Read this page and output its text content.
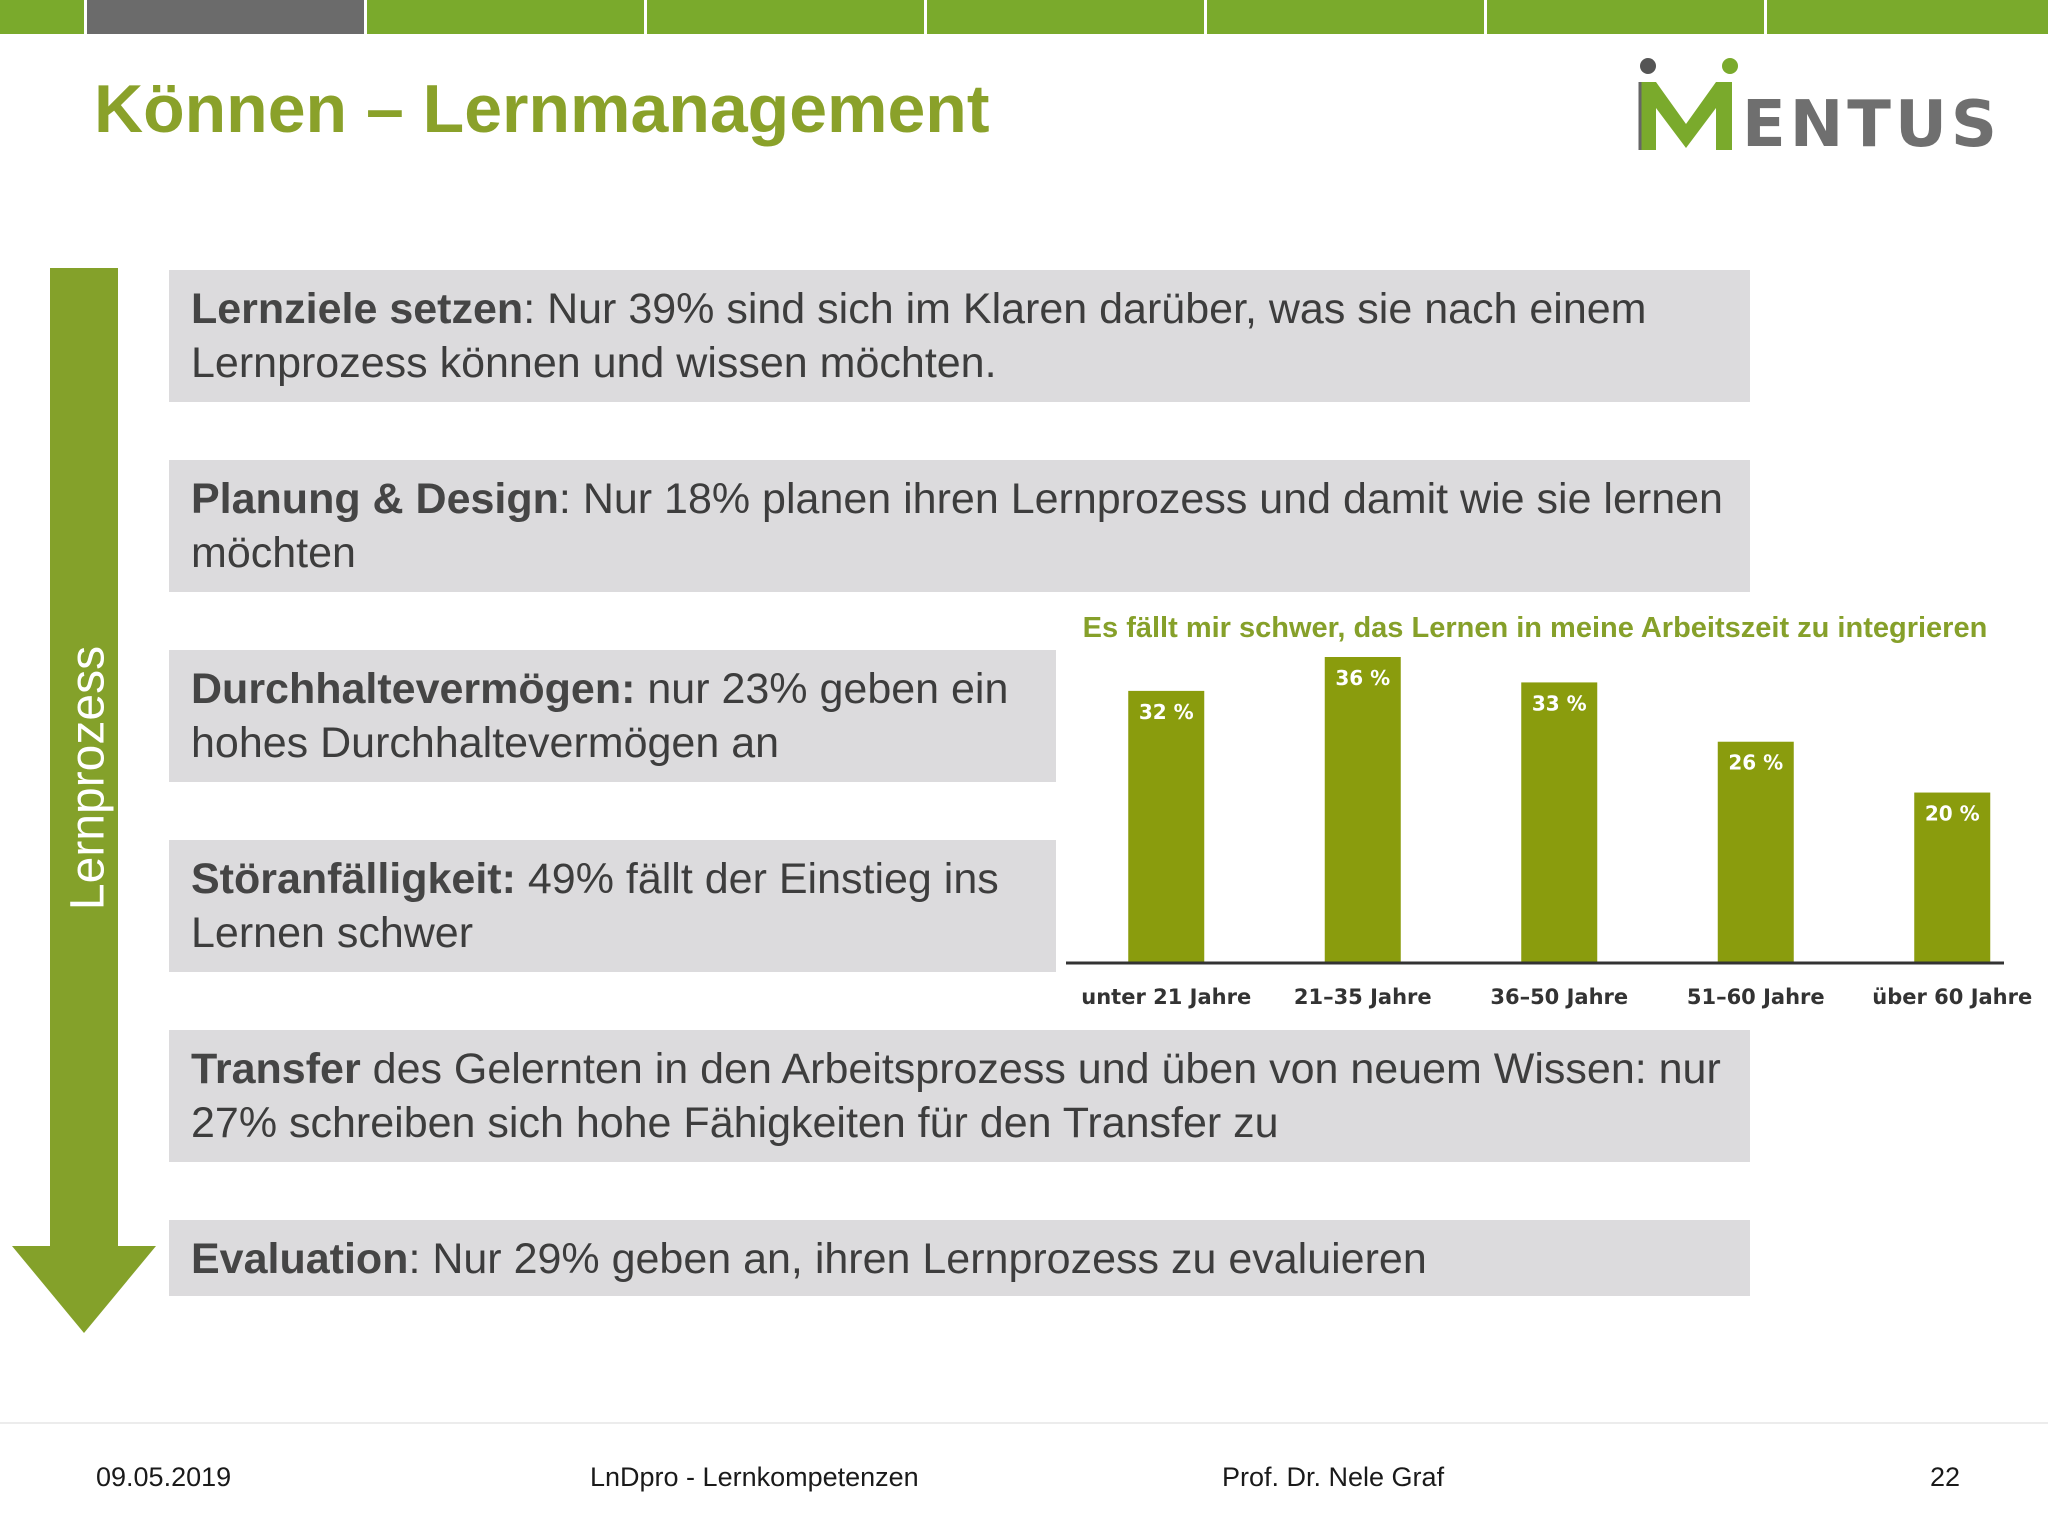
Können – Lernmanagement	ENTUS
Lernprozess
Lernziele setzen: Nur 39% sind sich im Klaren darüber, was sie nach einem Lernprozess können und wissen möchten.
Planung & Design: Nur 18% planen ihren Lernprozess und damit wie sie lernen möchten
Durchhaltevermögen: nur 23% geben ein hohes Durchhaltevermögen an
Störanfälligkeit: 49% fällt der Einstieg ins Lernen schwer
Transfer des Gelernten in den Arbeitsprozess und üben von neuem Wissen: nur 27% schreiben sich hohe Fähigkeiten für den Transfer zu
Evaluation: Nur 29% geben an, ihren Lernprozess zu evaluieren
Es fällt mir schwer, das Lernen in meine Arbeitszeit zu integrieren
32 %
unter 21 Jahre
36 %
21–35 Jahre
33 %
36–50 Jahre
26 %
51–60 Jahre
20 %
über 60 Jahre
09.05.2019	LnDpro - Lernkompetenzen	Prof. Dr. Nele Graf	22
